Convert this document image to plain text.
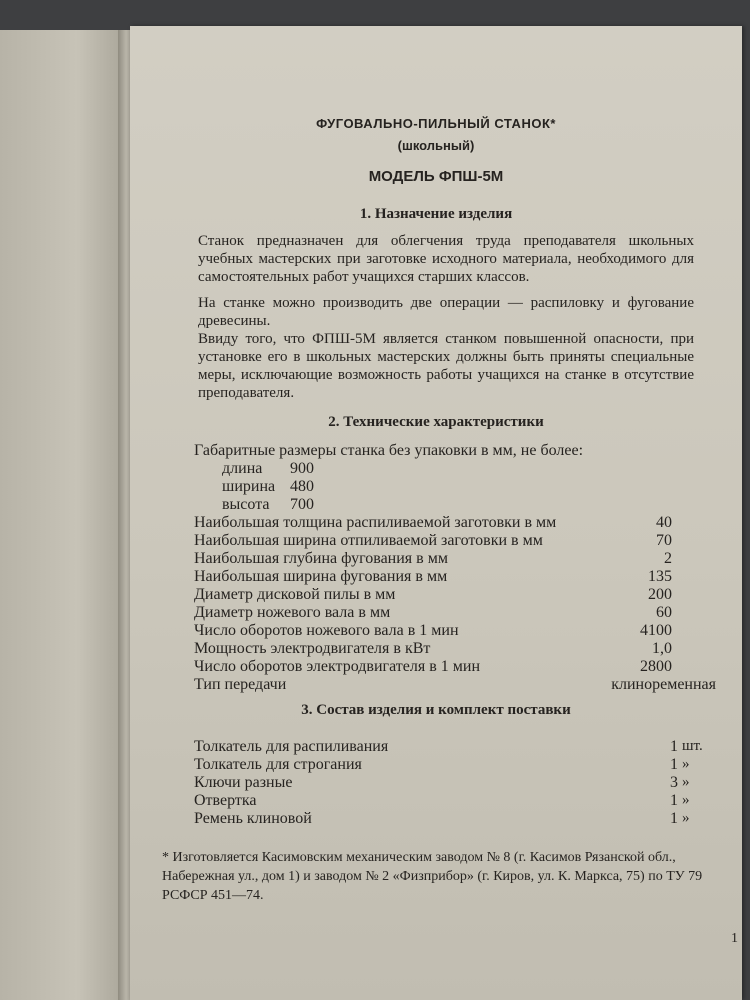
ФУГОВАЛЬНО-ПИЛЬНЫЙ СТАНОК*
(школьный)
МОДЕЛЬ ФПШ-5М
1. Назначение изделия
Станок предназначен для облегчения труда преподавателя школьных учебных мастерских при заготовке исходного материала, необходимого для самостоятельных работ учащихся старших классов.
На станке можно производить две операции — распиловку и фугование древесины.
Ввиду того, что ФПШ-5М является станком повышенной опасности, при установке его в школьных мастерских должны быть приняты специальные меры, исключающие возможность работы учащихся на станке в отсутствие преподавателя.
2. Технические характеристики
Габаритные размеры станка без упаковки в мм, не более:
длина 900
ширина 480
высота 700
Наибольшая толщина распиливаемой заготовки в мм	40
Наибольшая ширина отпиливаемой заготовки в мм	70
Наибольшая глубина фугования в мм	2
Наибольшая ширина фугования в мм	135
Диаметр дисковой пилы в мм	200
Диаметр ножевого вала в мм	60
Число оборотов ножевого вала в 1 мин	4100
Мощность электродвигателя в кВт	1,0
Число оборотов электродвигателя в 1 мин	2800
Тип передачи	клиноременная
3. Состав изделия и комплект поставки
Толкатель для распиливания	1 шт.
Толкатель для строгания	1 »
Ключи разные	3 »
Отвертка	1 »
Ремень клиновой	1 »
* Изготовляется Касимовским механическим заводом № 8 (г. Касимов Рязанской обл., Набережная ул., дом 1) и заводом № 2 «Физприбор» (г. Киров, ул. К. Маркса, 75) по ТУ 79 РСФСР 451—74.
1
